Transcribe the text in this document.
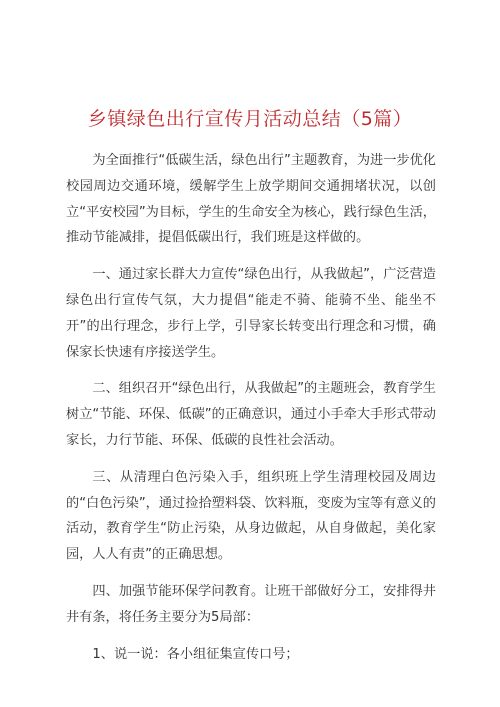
乡镇绿色出行宣传月活动总结（5篇）

为全面推行“低碳生活，绿色出行”主题教育，为进一步优化校园周边交通环境，缓解学生上放学期间交通拥堵状况，以创立“平安校园”为目标，学生的生命安全为核心，践行绿色生活，推动节能减排，提倡低碳出行，我们班是这样做的。

一、通过家长群大力宣传“绿色出行，从我做起”，广泛营造绿色出行宣传气氛，大力提倡“能走不骑、能骑不坐、能坐不开”的出行理念，步行上学，引导家长转变出行理念和习惯，确保家长快速有序接送学生。

二、组织召开“绿色出行，从我做起”的主题班会，教育学生树立“节能、环保、低碳”的正确意识，通过小手牵大手形式带动家长，力行节能、环保、低碳的良性社会活动。

三、从清理白色污染入手，组织班上学生清理校园及周边的“白色污染”，通过捡拾塑料袋、饮料瓶，变废为宝等有意义的活动，教育学生“防止污染，从身边做起，从自身做起，美化家园，人人有责”的正确思想。

四、加强节能环保学问教育。让班干部做好分工，安排得井井有条，将任务主要分为5局部：

1、说一说：各小组征集宣传口号；
